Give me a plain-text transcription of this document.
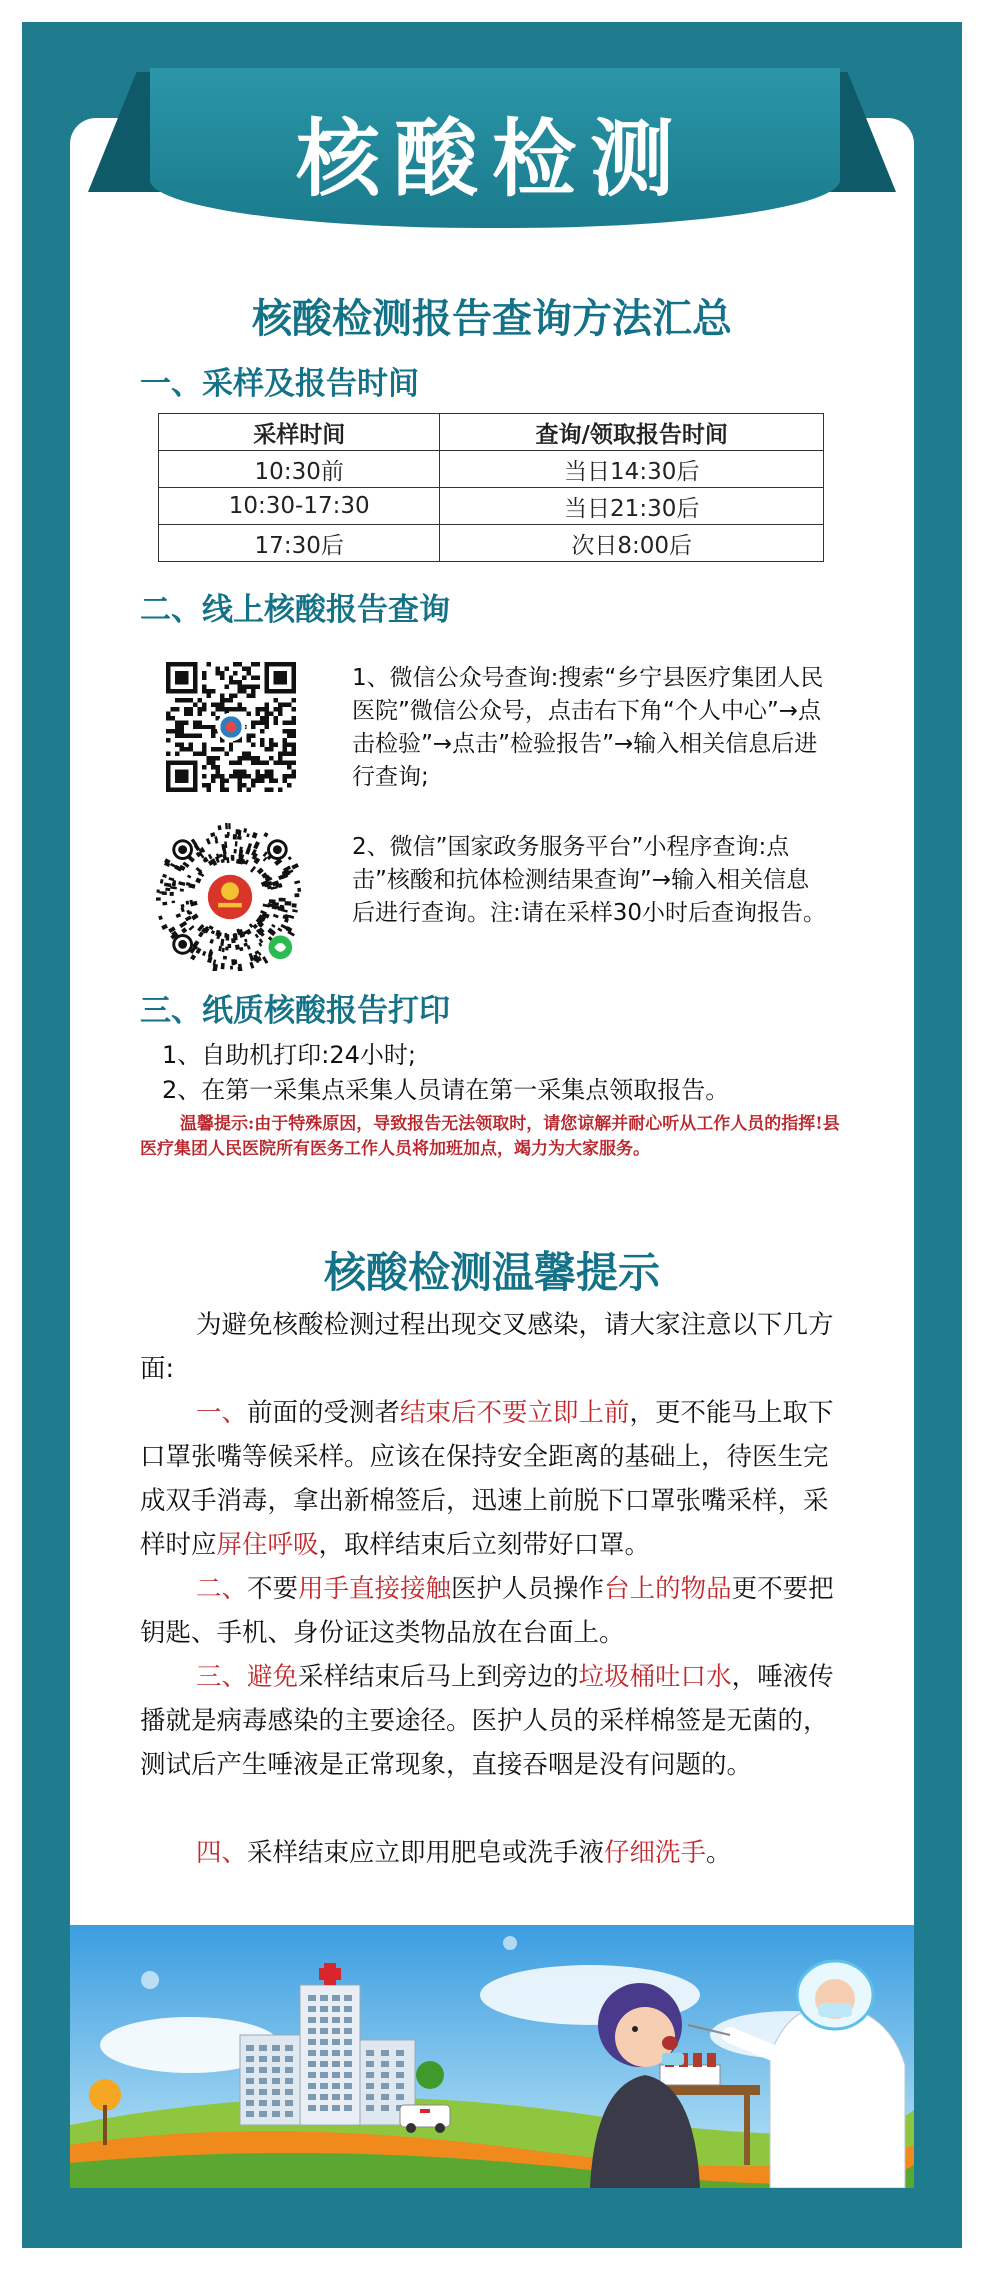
核酸检测
核酸检测报告查询方法汇总
一、采样及报告时间
采样时间	查询/领取报告时间
10:30前	当日14:30后
10:30-17:30	当日21:30后
17:30后	次日8:00后
二、线上核酸报告查询

1、微信公众号查询:搜索“乡宁县医疗集团人民医院”微信公众号，点击右下角“个人中心”→点击检验”→点击”检验报告”→输入相关信息后进行查询;

2、微信”国家政务服务平台”小程序查询:点击”核酸和抗体检测结果查询”→输入相关信息后进行查询。注:请在采样30小时后查询报告。

三、纸质核酸报告打印

1、自助机打印:24小时;

2、在第一采集点采集人员请在第一采集点领取报告。

温馨提示:由于特殊原因，导致报告无法领取时，请您谅解并耐心听从工作人员的指挥!县医疗集团人民医院所有医务工作人员将加班加点，竭力为大家服务。

核酸检测温馨提示

为避免核酸检测过程出现交叉感染，请大家注意以下几方面:

一、前面的受测者结束后不要立即上前，更不能马上取下口罩张嘴等候采样。应该在保持安全距离的基础上，待医生完成双手消毒，拿出新棉签后，迅速上前脱下口罩张嘴采样，采样时应屏住呼吸，取样结束后立刻带好口罩。

二、不要用手直接接触医护人员操作台上的物品更不要把钥匙、手机、身份证这类物品放在台面上。

三、避免采样结束后马上到旁边的垃圾桶吐口水，唾液传播就是病毒感染的主要途径。医护人员的采样棉签是无菌的，测试后产生唾液是正常现象，直接吞咽是没有问题的。

四、采样结束应立即用肥皂或洗手液仔细洗手。
